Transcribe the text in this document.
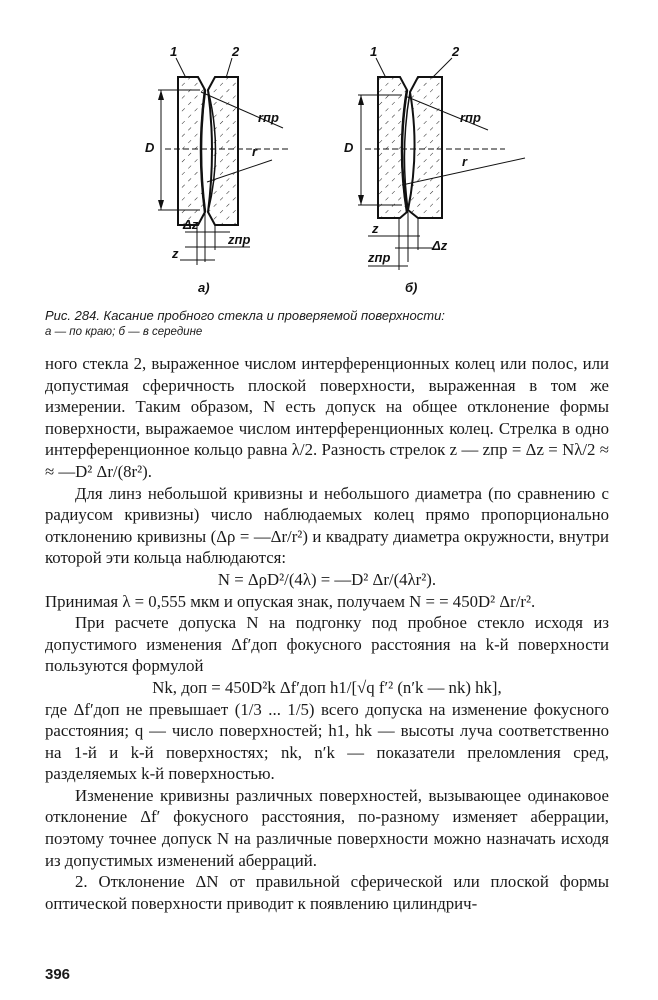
D
1	2
rпр
r
Δz
zпр
z
а)
D
1	2
rпр
r
z
Δz
zпр
б)
Рис. 284. Касание пробного стекла и проверяемой поверхности:
а — по краю; б — в середине

ного стекла 2, выраженное числом интерференционных колец или полос, или допустимая сферичность плоской поверхности, выраженная в том же измерении. Таким образом, N есть допуск на общее отклонение формы поверхности, выражаемое числом интерференционных колец. Стрелка в одно интерференционное кольцо равна λ/2. Разность стрелок z — zпр = Δz = Nλ/2 ≈ ≈ —D² Δr/(8r²).

Для линз небольшой кривизны и небольшого диаметра (по сравнению с радиусом кривизны) число наблюдаемых колец прямо пропорционально отклонению кривизны (Δρ = —Δr/r²) и квадрату диаметра окружности, внутри которой эти кольца наблюдаются:

N = ΔρD²/(4λ) = —D² Δr/(4λr²).

Принимая λ = 0,555 мкм и опуская знак, получаем N = = 450D² Δr/r².

При расчете допуска N на подгонку под пробное стекло исходя из допустимого изменения Δf′доп фокусного расстояния на k-й поверхности пользуются формулой

Nk, доп = 450D²k Δf′доп h1/[√q f′² (n′k — nk) hk],

где Δf′доп не превышает (1/3 ... 1/5) всего допуска на изменение фокусного расстояния; q — число поверхностей; h1, hk — высоты луча соответственно на 1-й и k-й поверхностях; nk, n′k — показатели преломления сред, разделяемых k-й поверхностью.

Изменение кривизны различных поверхностей, вызывающее одинаковое отклонение Δf′ фокусного расстояния, по-разному изменяет аберрации, поэтому точнее допуск N на различные поверхности можно назначать исходя из допустимых изменений аберраций.

2. Отклонение ΔN от правильной сферической или плоской формы оптической поверхности приводит к появлению цилиндрич-

396
